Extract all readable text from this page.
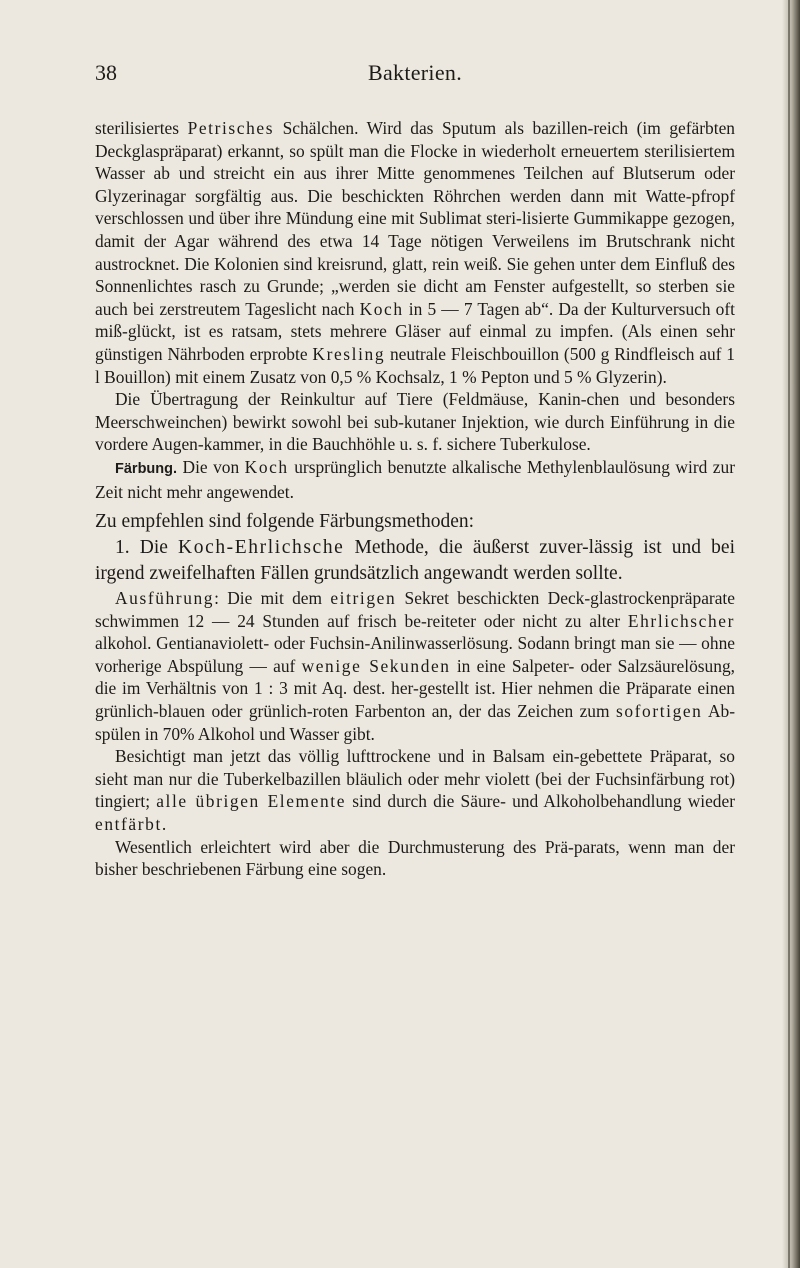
38	Bakterien.

sterilisiertes Petrisches Schälchen. Wird das Sputum als bazillen-reich (im gefärbten Deckglaspräparat) erkannt, so spült man die Flocke in wiederholt erneuertem sterilisiertem Wasser ab und streicht ein aus ihrer Mitte genommenes Teilchen auf Blutserum oder Glyzerinagar sorgfältig aus. Die beschickten Röhrchen werden dann mit Watte-pfropf verschlossen und über ihre Mündung eine mit Sublimat steri-lisierte Gummikappe gezogen, damit der Agar während des etwa 14 Tage nötigen Verweilens im Brutschrank nicht austrocknet. Die Kolonien sind kreisrund, glatt, rein weiß. Sie gehen unter dem Einfluß des Sonnenlichtes rasch zu Grunde; „werden sie dicht am Fenster aufgestellt, so sterben sie auch bei zerstreutem Tageslicht nach Koch in 5 — 7 Tagen ab“. Da der Kulturversuch oft miß-glückt, ist es ratsam, stets mehrere Gläser auf einmal zu impfen. (Als einen sehr günstigen Nährboden erprobte Kresling neutrale Fleischbouillon (500 g Rindfleisch auf 1 l Bouillon) mit einem Zusatz von 0,5 % Kochsalz, 1 % Pepton und 5 % Glyzerin).

Die Übertragung der Reinkultur auf Tiere (Feldmäuse, Kanin-chen und besonders Meerschweinchen) bewirkt sowohl bei sub-kutaner Injektion, wie durch Einführung in die vordere Augen-kammer, in die Bauchhöhle u. s. f. sichere Tuberkulose.

Färbung. Die von Koch ursprünglich benutzte alkalische Methylenblaulösung wird zur Zeit nicht mehr angewendet.

Zu empfehlen sind folgende Färbungsmethoden:

1. Die Koch-Ehrlichsche Methode, die äußerst zuver-lässig ist und bei irgend zweifelhaften Fällen grundsätzlich angewandt werden sollte.

Ausführung: Die mit dem eitrigen Sekret beschickten Deck-glastrockenpräparate schwimmen 12 — 24 Stunden auf frisch be-reiteter oder nicht zu alter Ehrlichscher alkohol. Gentianaviolett- oder Fuchsin-Anilinwasserlösung. Sodann bringt man sie — ohne vorherige Abspülung — auf wenige Sekunden in eine Salpeter- oder Salzsäurelösung, die im Verhältnis von 1 : 3 mit Aq. dest. her-gestellt ist. Hier nehmen die Präparate einen grünlich-blauen oder grünlich-roten Farbenton an, der das Zeichen zum sofortigen Ab-spülen in 70% Alkohol und Wasser gibt.

Besichtigt man jetzt das völlig lufttrockene und in Balsam ein-gebettete Präparat, so sieht man nur die Tuberkelbazillen bläulich oder mehr violett (bei der Fuchsinfärbung rot) tingiert; alle übrigen Elemente sind durch die Säure- und Alkoholbehandlung wieder entfärbt.

Wesentlich erleichtert wird aber die Durchmusterung des Prä-parats, wenn man der bisher beschriebenen Färbung eine sogen.
